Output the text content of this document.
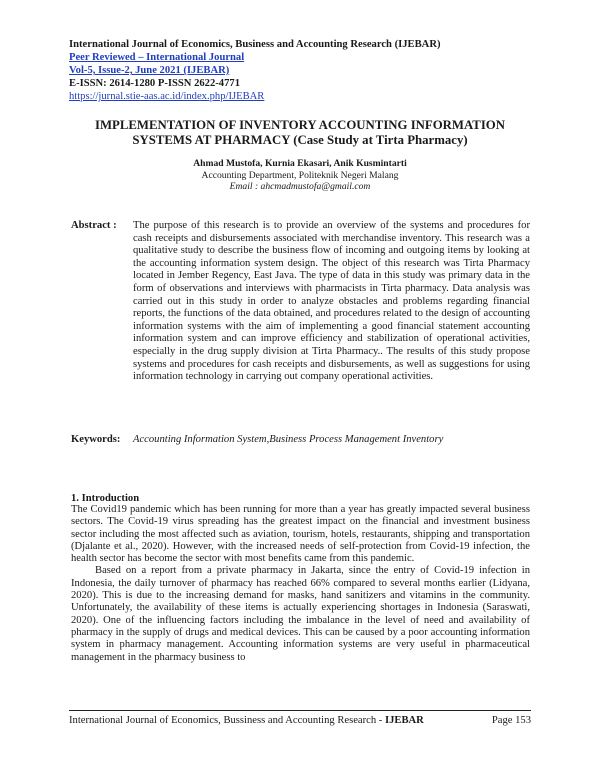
International Journal of Economics, Business and Accounting Research (IJEBAR)
Peer Reviewed – International Journal
Vol-5, Issue-2, June 2021 (IJEBAR)
E-ISSN: 2614-1280 P-ISSN 2622-4771
https://jurnal.stie-aas.ac.id/index.php/IJEBAR
IMPLEMENTATION OF INVENTORY ACCOUNTING INFORMATION
SYSTEMS AT PHARMACY (Case Study at Tirta Pharmacy)
Ahmad Mustofa, Kurnia Ekasari, Anik Kusmintarti
Accounting Department, Politeknik Negeri Malang
Email : ahcmadmustofa@gmail.com
Abstract :	The purpose of this research is to provide an overview of the systems and procedures for cash receipts and disbursements associated with merchandise inventory. This research was a qualitative study to describe the business flow of incoming and outgoing items by looking at the accounting information system design. The object of this research was Tirta Pharmacy located in Jember Regency, East Java. The type of data in this study was primary data in the form of observations and interviews with pharmacists in Tirta pharmacy. Data analysis was carried out in this study in order to analyze obstacles and problems regarding financial reports, the functions of the data obtained, and procedures related to the design of accounting information systems with the aim of implementing a good financial statement accounting information system and can improve efficiency and stabilization of operational activities, especially in the drug supply division at Tirta Pharmacy.. The results of this study propose systems and procedures for cash receipts and disbursements, as well as suggestions for using information technology in carrying out company operational activities.
Keywords:	Accounting Information System,Business Process Management Inventory
1. Introduction

The Covid19 pandemic which has been running for more than a year has greatly impacted several business sectors. The Covid-19 virus spreading has the greatest impact on the financial and investment business sector including the most affected such as aviation, tourism, hotels, restaurants, shipping and transportation (Djalante et al., 2020). However, with the increased needs of self-protection from Covid-19 infection, the health sector has become the sector with most benefits came from this pandemic.

Based on a report from a private pharmacy in Jakarta, since the entry of Covid-19 infection in Indonesia, the daily turnover of pharmacy has reached 66% compared to several months earlier (Lidyana, 2020). This is due to the increasing demand for masks, hand sanitizers and vitamins in the community. Unfortunately, the availability of these items is actually experiencing shortages in Indonesia (Saraswati, 2020). One of the influencing factors including the imbalance in the level of need and availability of pharmacy in the supply of drugs and medical devices. This can be caused by a poor accounting information system in pharmacy management. Accounting information systems are very useful in pharmaceutical management in the pharmacy business to

International Journal of Economics, Bussiness and Accounting Research - IJEBAR	Page 153
